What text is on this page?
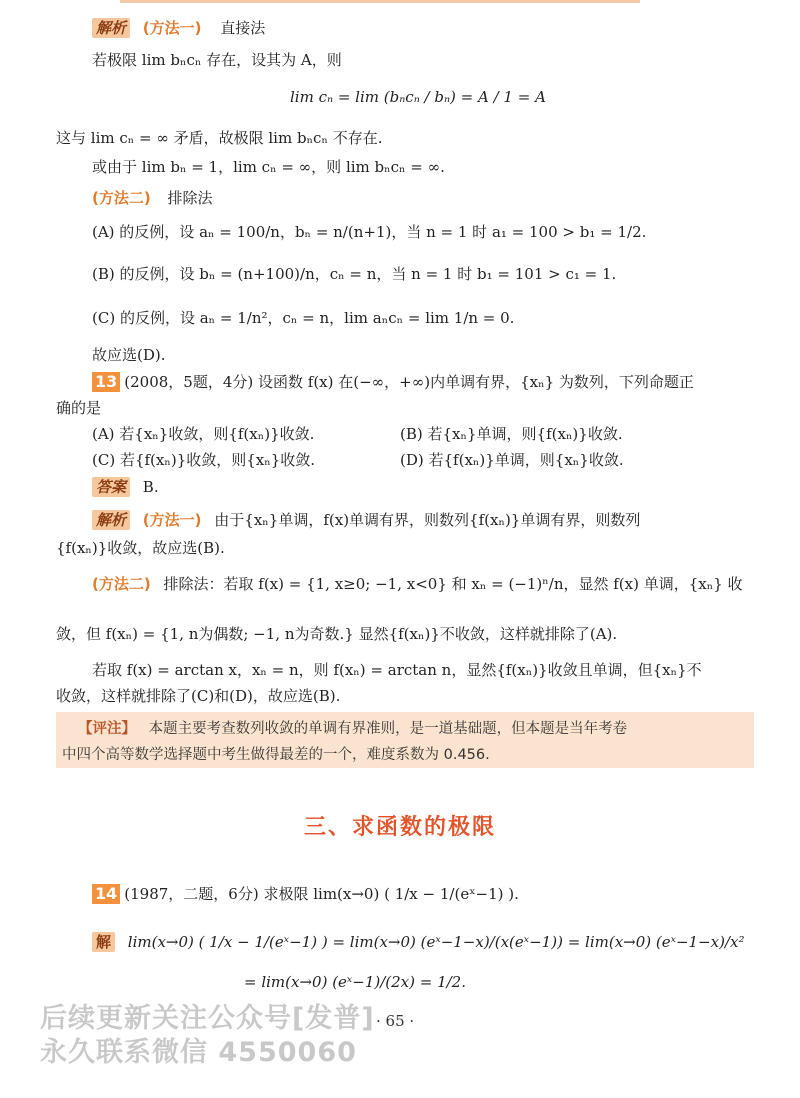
解析 (方法一) 直接法
若极限 lim bₙcₙ 存在，设其为 A，则
lim cₙ = lim (bₙcₙ / bₙ) = A / 1 = A
这与 lim cₙ = ∞ 矛盾，故极限 lim bₙcₙ 不存在.
或由于 lim bₙ = 1，lim cₙ = ∞，则 lim bₙcₙ = ∞.
(方法二) 排除法
(A) 的反例，设 aₙ = 100/n，bₙ = n/(n+1)，当 n = 1 时 a₁ = 100 > b₁ = 1/2.
(B) 的反例，设 bₙ = (n+100)/n，cₙ = n，当 n = 1 时 b₁ = 101 > c₁ = 1.
(C) 的反例，设 aₙ = 1/n²，cₙ = n，lim aₙcₙ = lim 1/n = 0.
故应选(D).
13 (2008，5题，4分) 设函数 f(x) 在(−∞，+∞)内单调有界，{xₙ} 为数列，下列命题正
确的是
(A) 若{xₙ}收敛，则{f(xₙ)}收敛.	(B) 若{xₙ}单调，则{f(xₙ)}收敛.
(C) 若{f(xₙ)}收敛，则{xₙ}收敛.	(D) 若{f(xₙ)}单调，则{xₙ}收敛.
答案 B.
解析 (方法一) 由于{xₙ}单调，f(x)单调有界，则数列{f(xₙ)}单调有界，则数列
{f(xₙ)}收敛，故应选(B).
(方法二) 排除法：若取 f(x) = {1, x≥0; −1, x<0} 和 xₙ = (−1)ⁿ/n，显然 f(x) 单调，{xₙ} 收
敛，但 f(xₙ) = {1, n为偶数; −1, n为奇数.} 显然{f(xₙ)}不收敛，这样就排除了(A).
若取 f(x) = arctan x，xₙ = n，则 f(xₙ) = arctan n，显然{f(xₙ)}收敛且单调，但{xₙ}不
收敛，这样就排除了(C)和(D)，故应选(B).
【评注】 本题主要考查数列收敛的单调有界准则，是一道基础题，但本题是当年考卷
中四个高等数学选择题中考生做得最差的一个，难度系数为 0.456.
三、求函数的极限
14 (1987，二题，6分) 求极限 lim(x→0) ( 1/x − 1/(eˣ−1) ).
解 lim(x→0) ( 1/x − 1/(eˣ−1) ) = lim(x→0) (eˣ−1−x)/(x(eˣ−1)) = lim(x→0) (eˣ−1−x)/x²
= lim(x→0) (eˣ−1)/(2x) = 1/2.
· 65 ·
后续更新关注公众号[发普]
永久联系微信 4550060
